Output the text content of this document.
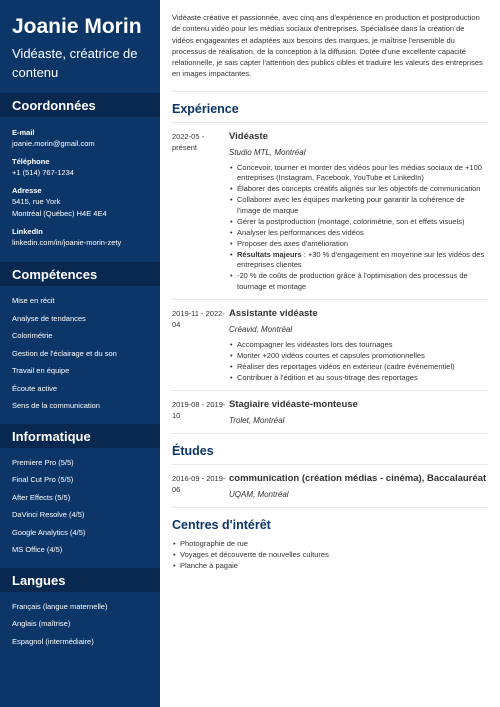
Joanie Morin
Vidéaste, créatrice de contenu
Coordonnées
E-mail
joanie.morin@gmail.com
Téléphone
+1 (514) 767-1234
Adresse
5415, rue York
Montréal (Québec) H4E 4E4
LinkedIn
linkedin.com/in/joanie-morin-zety
Compétences
Mise en récit
Analyse de tendances
Colorimétrie
Gestion de l'éclairage et du son
Travail en équipe
Écoute active
Sens de la communication
Informatique
Premiere Pro (5/5)
Final Cut Pro (5/5)
After Effects (5/5)
DaVinci Resolve (4/5)
Google Analytics (4/5)
MS Office (4/5)
Langues
Français (langue maternelle)
Anglais (maîtrise)
Espagnol (intermédiaire)

Vidéaste créative et passionnée, avec cinq ans d'expérience en production et postproduction de contenu vidéo pour les médias sociaux d'entreprises. Spécialisée dans la création de vidéos engageantes et adaptées aux besoins des marques, je maîtrise l'ensemble du processus de réalisation, de la conception à la diffusion. Dotée d'une excellente capacité relationnelle, je sais capter l'attention des publics cibles et traduire les valeurs des entreprises en images impactantes.

Expérience
2022-05 - présent
Vidéaste
Studio MTL, Montréal
• Concevoir, tourner et monter des vidéos pour les médias sociaux de +100 entreprises (Instagram, Facebook, YouTube et LinkedIn)
• Élaborer des concepts créatifs alignés sur les objectifs de communication
• Collaborer avec les équipes marketing pour garantir la cohérence de l'image de marque
• Gérer la postproduction (montage, colorimétrie, son et effets visuels)
• Analyser les performances des vidéos
• Proposer des axes d'amélioration
• Résultats majeurs : +30 % d'engagement en moyenne sur les vidéos des entreprises clientes
• -20 % de coûts de production grâce à l'optimisation des processus de tournage et montage
2019-11 - 2022-04
Assistante vidéaste
Créavid, Montréal
• Accompagner les vidéastes lors des tournages
• Monter +200 vidéos courtes et capsules promotionnelles
• Réaliser des reportages vidéos en extérieur (cadre événementiel)
• Contribuer à l'édition et au sous-titrage des reportages
2019-08 - 2019-10
Stagiaire vidéaste-monteuse
Trolet, Montréal
Études
2016-09 - 2019-06
communication (création médias - cinéma), Baccalauréat
UQAM, Montréal
Centres d'intérêt
• Photographie de rue
• Voyages et découverte de nouvelles cultures
• Planche à pagaie
